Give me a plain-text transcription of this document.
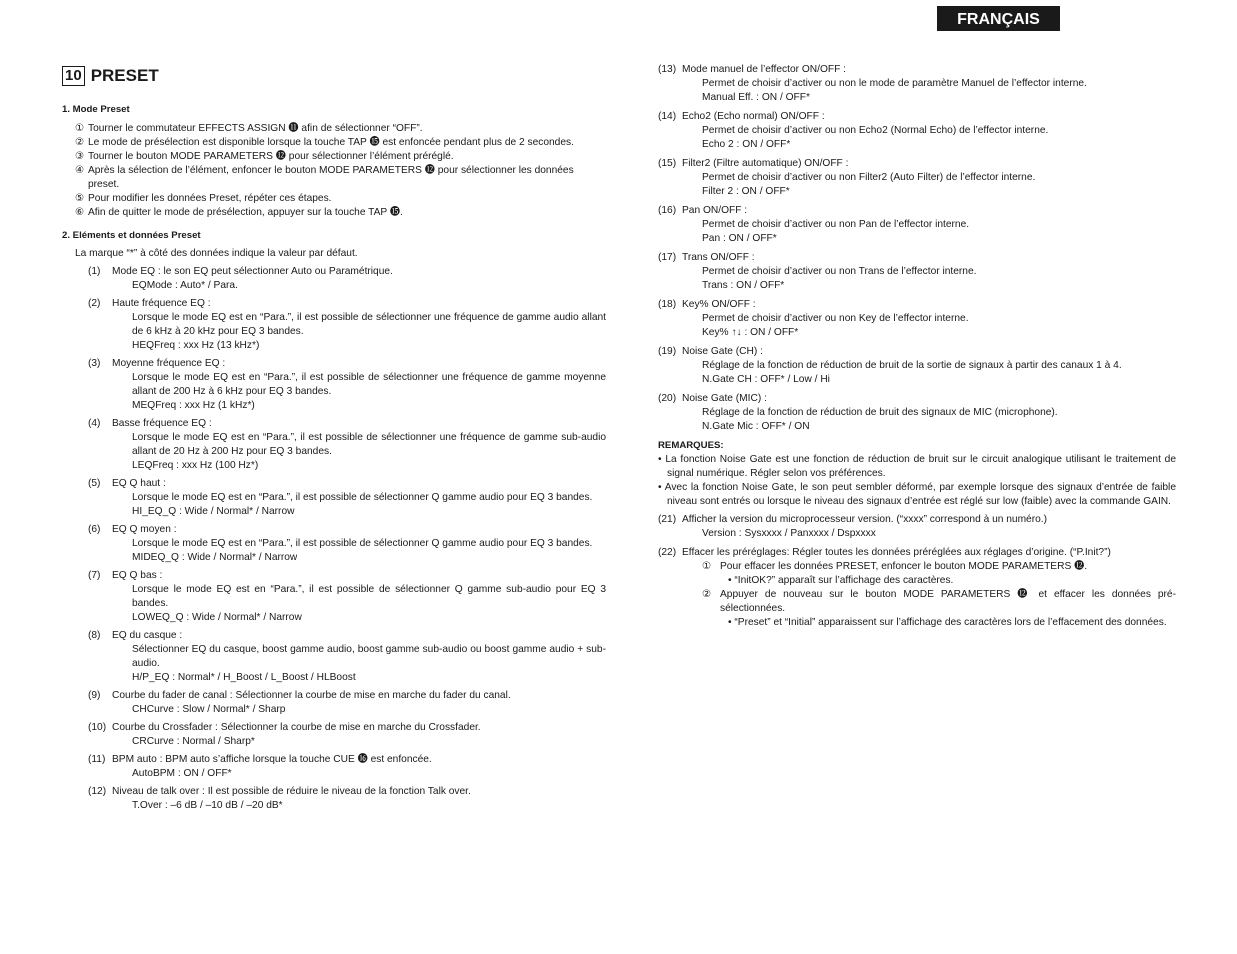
FRANÇAIS
10 PRESET
1. Mode Preset
① Tourner le commutateur EFFECTS ASSIGN ⓫ afin de sélectionner “OFF”.
② Le mode de présélection est disponible lorsque la touche TAP ⓯ est enfoncée pendant plus de 2 secondes.
③ Tourner le bouton MODE PARAMETERS ⓬ pour sélectionner l’élément préréglé.
④ Après la sélection de l’élément, enfoncer le bouton MODE PARAMETERS ⓬ pour sélectionner les données preset.
⑤ Pour modifier les données Preset, répéter ces étapes.
⑥ Afin de quitter le mode de présélection, appuyer sur la touche TAP ⓯.
2. Eléments et données Preset
La marque “*” à côté des données indique la valeur par défaut.
(1)	Mode EQ : le son EQ peut sélectionner Auto ou Paramétrique.
EQMode : Auto* / Para.
(2)	Haute fréquence EQ :
Lorsque le mode EQ est en “Para.”, il est possible de sélectionner une fréquence de gamme audio allant de 6 kHz à 20 kHz pour EQ 3 bandes.
HEQFreq : xxx Hz (13 kHz*)
(3)	Moyenne fréquence EQ :
Lorsque le mode EQ est en “Para.”, il est possible de sélectionner une fréquence de gamme moyenne allant de 200 Hz à 6 kHz pour EQ 3 bandes.
MEQFreq : xxx Hz (1 kHz*)
(4)	Basse fréquence EQ :
Lorsque le mode EQ est en “Para.”, il est possible de sélectionner une fréquence de gamme sub-audio allant de 20 Hz à 200 Hz pour EQ 3 bandes.
LEQFreq : xxx Hz (100 Hz*)
(5)	EQ Q haut :
Lorsque le mode EQ est en “Para.”, il est possible de sélectionner Q gamme audio pour EQ 3 bandes.
HI_EQ_Q : Wide / Normal* / Narrow
(6)	EQ Q moyen :
Lorsque le mode EQ est en “Para.”, il est possible de sélectionner Q gamme audio pour EQ 3 bandes.
MIDEQ_Q : Wide / Normal* / Narrow
(7)	EQ Q bas :
Lorsque le mode EQ est en “Para.”, il est possible de sélectionner Q gamme sub-audio pour EQ 3 bandes.
LOWEQ_Q : Wide / Normal* / Narrow
(8)	EQ du casque :
Sélectionner EQ du casque, boost gamme audio, boost gamme sub-audio ou boost gamme audio + sub-audio.
H/P_EQ : Normal* / H_Boost / L_Boost / HLBoost
(9)	Courbe du fader de canal : Sélectionner la courbe de mise en marche du fader du canal.
CHCurve : Slow / Normal* / Sharp
(10) Courbe du Crossfader : Sélectionner la courbe de mise en marche du Crossfader.
CRCurve : Normal / Sharp*
(11) BPM auto : BPM auto s’affiche lorsque la touche CUE ⓰ est enfoncée.
AutoBPM : ON / OFF*
(12) Niveau de talk over : Il est possible de réduire le niveau de la fonction Talk over.
T.Over : –6 dB / –10 dB / –20 dB*
(13) Mode manuel de l’effector ON/OFF :
Permet de choisir d’activer ou non le mode de paramètre Manuel de l’effector interne.
Manual Eff. : ON / OFF*
(14) Echo2 (Echo normal) ON/OFF :
Permet de choisir d’activer ou non Echo2 (Normal Echo) de l’effector interne.
Echo 2 : ON / OFF*
(15) Filter2 (Filtre automatique) ON/OFF :
Permet de choisir d’activer ou non Filter2 (Auto Filter) de l’effector interne.
Filter 2 : ON / OFF*
(16) Pan ON/OFF :
Permet de choisir d’activer ou non Pan de l’effector interne.
Pan : ON / OFF*
(17) Trans ON/OFF :
Permet de choisir d’activer ou non Trans de l’effector interne.
Trans : ON / OFF*
(18) Key% ON/OFF :
Permet de choisir d’activer ou non Key de l’effector interne.
Key% ↑↓ : ON / OFF*
(19) Noise Gate (CH) :
Réglage de la fonction de réduction de bruit de la sortie de signaux à partir des canaux 1 à 4.
N.Gate CH : OFF* / Low / Hi
(20) Noise Gate (MIC) :
Réglage de la fonction de réduction de bruit des signaux de MIC (microphone).
N.Gate Mic : OFF* / ON
REMARQUES:
• La fonction Noise Gate est une fonction de réduction de bruit sur le circuit analogique utilisant le traitement de signal numérique. Régler selon vos préférences.
• Avec la fonction Noise Gate, le son peut sembler déformé, par exemple lorsque des signaux d’entrée de faible niveau sont entrés ou lorsque le niveau des signaux d’entrée est réglé sur low (faible) avec la commande GAIN.
(21) Afficher la version du microprocesseur version. (“xxxx” correspond à un numéro.)
Version : Sysxxxx / Panxxxx / Dspxxxx
(22) Effacer les préréglages: Régler toutes les données préréglées aux réglages d’origine. (“P.Init?”)
① Pour effacer les données PRESET, enfoncer le bouton MODE PARAMETERS ⓬.
• “InitOK?” apparaît sur l’affichage des caractères.
② Appuyer de nouveau sur le bouton MODE PARAMETERS ⓬ et effacer les données pré-sélectionnées.
• “Preset” et “Initial” apparaissent sur l’affichage des caractères lors de l’effacement des données.
